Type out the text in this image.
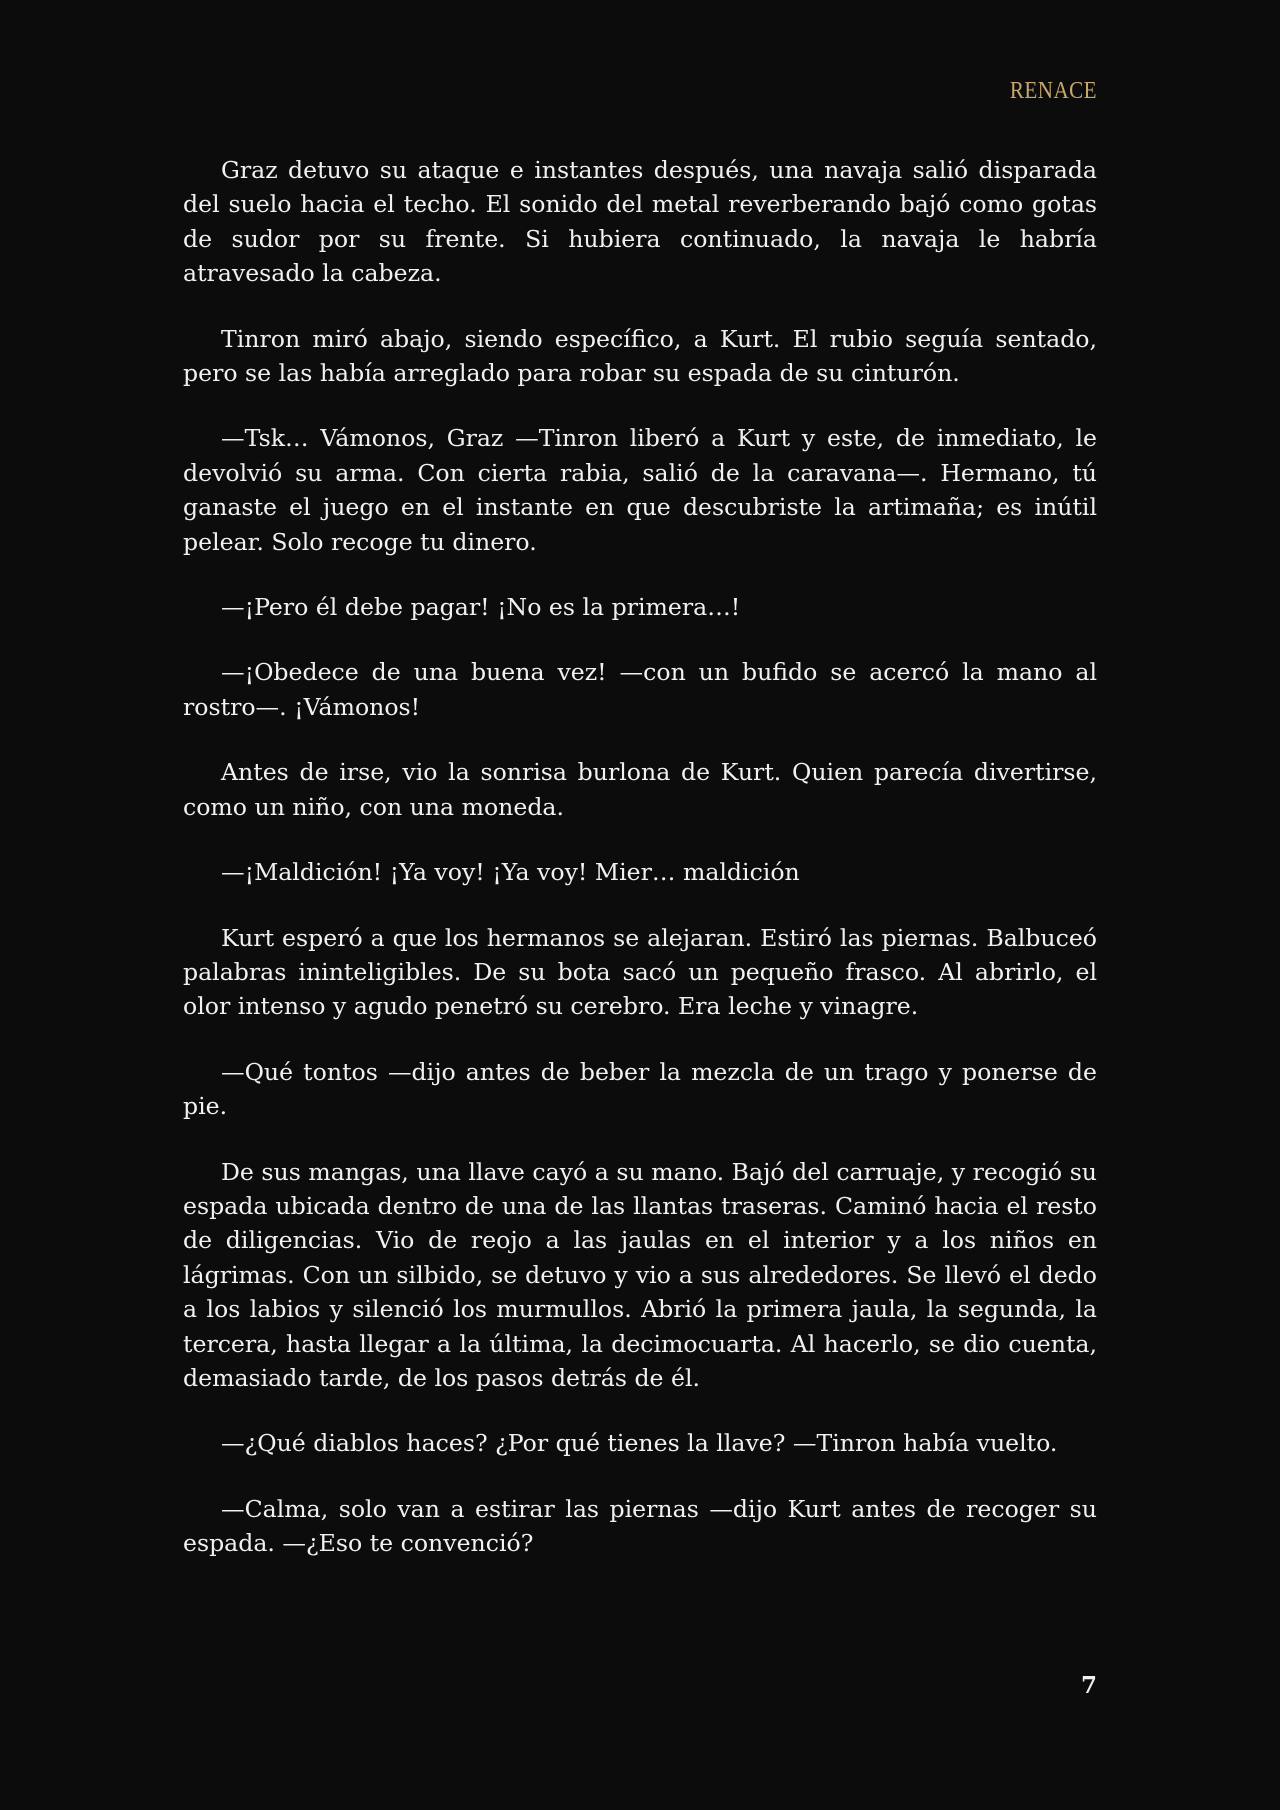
RENACE

Graz detuvo su ataque e instantes después, una navaja salió disparada del suelo hacia el techo. El sonido del metal reverberando bajó como gotas de sudor por su frente. Si hubiera continuado, la navaja le habría atravesado la cabeza.

Tinron miró abajo, siendo específico, a Kurt. El rubio seguía sentado, pero se las había arreglado para robar su espada de su cinturón.

—Tsk… Vámonos, Graz —Tinron liberó a Kurt y este, de inmediato, le devolvió su arma. Con cierta rabia, salió de la caravana—. Hermano, tú ganaste el juego en el instante en que descubriste la artimaña; es inútil pelear. Solo recoge tu dinero.

—¡Pero él debe pagar! ¡No es la primera…!

—¡Obedece de una buena vez! —con un bufido se acercó la mano al rostro—. ¡Vámonos!

Antes de irse, vio la sonrisa burlona de Kurt. Quien parecía divertirse, como un niño, con una moneda.

—¡Maldición! ¡Ya voy! ¡Ya voy! Mier… maldición

Kurt esperó a que los hermanos se alejaran. Estiró las piernas. Balbuceó palabras ininteligibles. De su bota sacó un pequeño frasco. Al abrirlo, el olor intenso y agudo penetró su cerebro. Era leche y vinagre.

—Qué tontos —dijo antes de beber la mezcla de un trago y ponerse de pie.

De sus mangas, una llave cayó a su mano. Bajó del carruaje, y recogió su espada ubicada dentro de una de las llantas traseras. Caminó hacia el resto de diligencias. Vio de reojo a las jaulas en el interior y a los niños en lágrimas. Con un silbido, se detuvo y vio a sus alrededores. Se llevó el dedo a los labios y silenció los murmullos. Abrió la primera jaula, la segunda, la tercera, hasta llegar a la última, la decimocuarta. Al hacerlo, se dio cuenta, demasiado tarde, de los pasos detrás de él.

—¿Qué diablos haces? ¿Por qué tienes la llave? —Tinron había vuelto.

—Calma, solo van a estirar las piernas —dijo Kurt antes de recoger su espada. —¿Eso te convenció?

7
